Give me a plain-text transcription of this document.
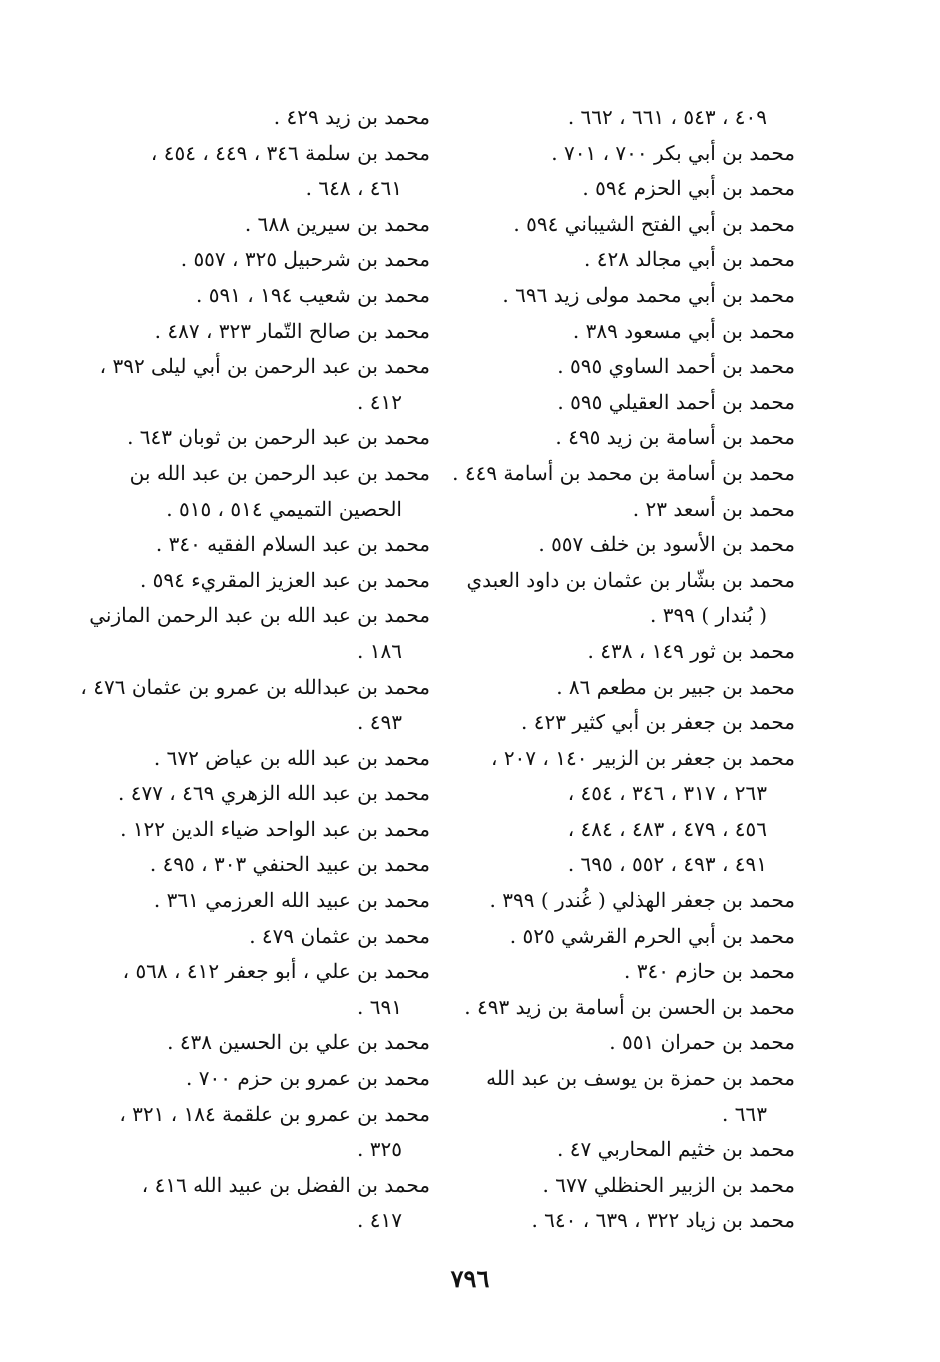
٤٠٩ ، ٥٤٣ ، ٦٦١ ، ٦٦٢ .
محمد بن أبي بكر ٧٠٠ ، ٧٠١ .
محمد بن أبي الحزم ٥٩٤ .
محمد بن أبي الفتح الشيباني ٥٩٤ .
محمد بن أبي مجالد ٤٢٨ .
محمد بن أبي محمد مولى زيد ٦٩٦ .
محمد بن أبي مسعود ٣٨٩ .
محمد بن أحمد الساوي ٥٩٥ .
محمد بن أحمد العقيلي ٥٩٥ .
محمد بن أسامة بن زيد ٤٩٥ .
محمد بن أسامة بن محمد بن أسامة ٤٤٩ .
محمد بن أسعد ٢٣ .
محمد بن الأسود بن خلف ٥٥٧ .
محمد بن بشّار بن عثمان بن داود العبدي
( بُندار ) ٣٩٩ .
محمد بن ثور ١٤٩ ، ٤٣٨ .
محمد بن جبير بن مطعم ٨٦ .
محمد بن جعفر بن أبي كثير ٤٢٣ .
محمد بن جعفر بن الزبير ١٤٠ ، ٢٠٧ ،
٢٦٣ ، ٣١٧ ، ٣٤٦ ، ٤٥٤ ،
٤٥٦ ، ٤٧٩ ، ٤٨٣ ، ٤٨٤ ،
٤٩١ ، ٤٩٣ ، ٥٥٢ ، ٦٩٥ .
محمد بن جعفر الهذلي ( غُندر ) ٣٩٩ .
محمد بن أبي الحرم القرشي ٥٢٥ .
محمد بن حازم ٣٤٠ .
محمد بن الحسن بن أسامة بن زيد ٤٩٣ .
محمد بن حمران ٥٥١ .
محمد بن حمزة بن يوسف بن عبد الله
٦٦٣ .
محمد بن خثيم المحاربي ٤٧ .
محمد بن الزبير الحنظلي ٦٧٧ .
محمد بن زياد ٣٢٢ ، ٦٣٩ ، ٦٤٠ .
محمد بن زيد ٤٢٩ .
محمد بن سلمة ٣٤٦ ، ٤٤٩ ، ٤٥٤ ،
٤٦١ ، ٦٤٨ .
محمد بن سيرين ٦٨٨ .
محمد بن شرحبيل ٣٢٥ ، ٥٥٧ .
محمد بن شعيب ١٩٤ ، ٥٩١ .
محمد بن صالح التّمار ٣٢٣ ، ٤٨٧ .
محمد بن عبد الرحمن بن أبي ليلى ٣٩٢ ،
٤١٢ .
محمد بن عبد الرحمن بن ثوبان ٦٤٣ .
محمد بن عبد الرحمن بن عبد الله بن
الحصين التميمي ٥١٤ ، ٥١٥ .
محمد بن عبد السلام الفقيه ٣٤٠ .
محمد بن عبد العزيز المقريء ٥٩٤ .
محمد بن عبد الله بن عبد الرحمن المازني
١٨٦ .
محمد بن عبدالله بن عمرو بن عثمان ٤٧٦ ،
٤٩٣ .
محمد بن عبد الله بن عياض ٦٧٢ .
محمد بن عبد الله الزهري ٤٦٩ ، ٤٧٧ .
محمد بن عبد الواحد ضياء الدين ١٢٢ .
محمد بن عبيد الحنفي ٣٠٣ ، ٤٩٥ .
محمد بن عبيد الله العرزمي ٣٦١ .
محمد بن عثمان ٤٧٩ .
محمد بن علي ، أبو جعفر ٤١٢ ، ٥٦٨ ،
٦٩١ .
محمد بن علي بن الحسين ٤٣٨ .
محمد بن عمرو بن حزم ٧٠٠ .
محمد بن عمرو بن علقمة ١٨٤ ، ٣٢١ ،
٣٢٥ .
محمد بن الفضل بن عبيد الله ٤١٦ ،
٤١٧ .
٧٩٦
